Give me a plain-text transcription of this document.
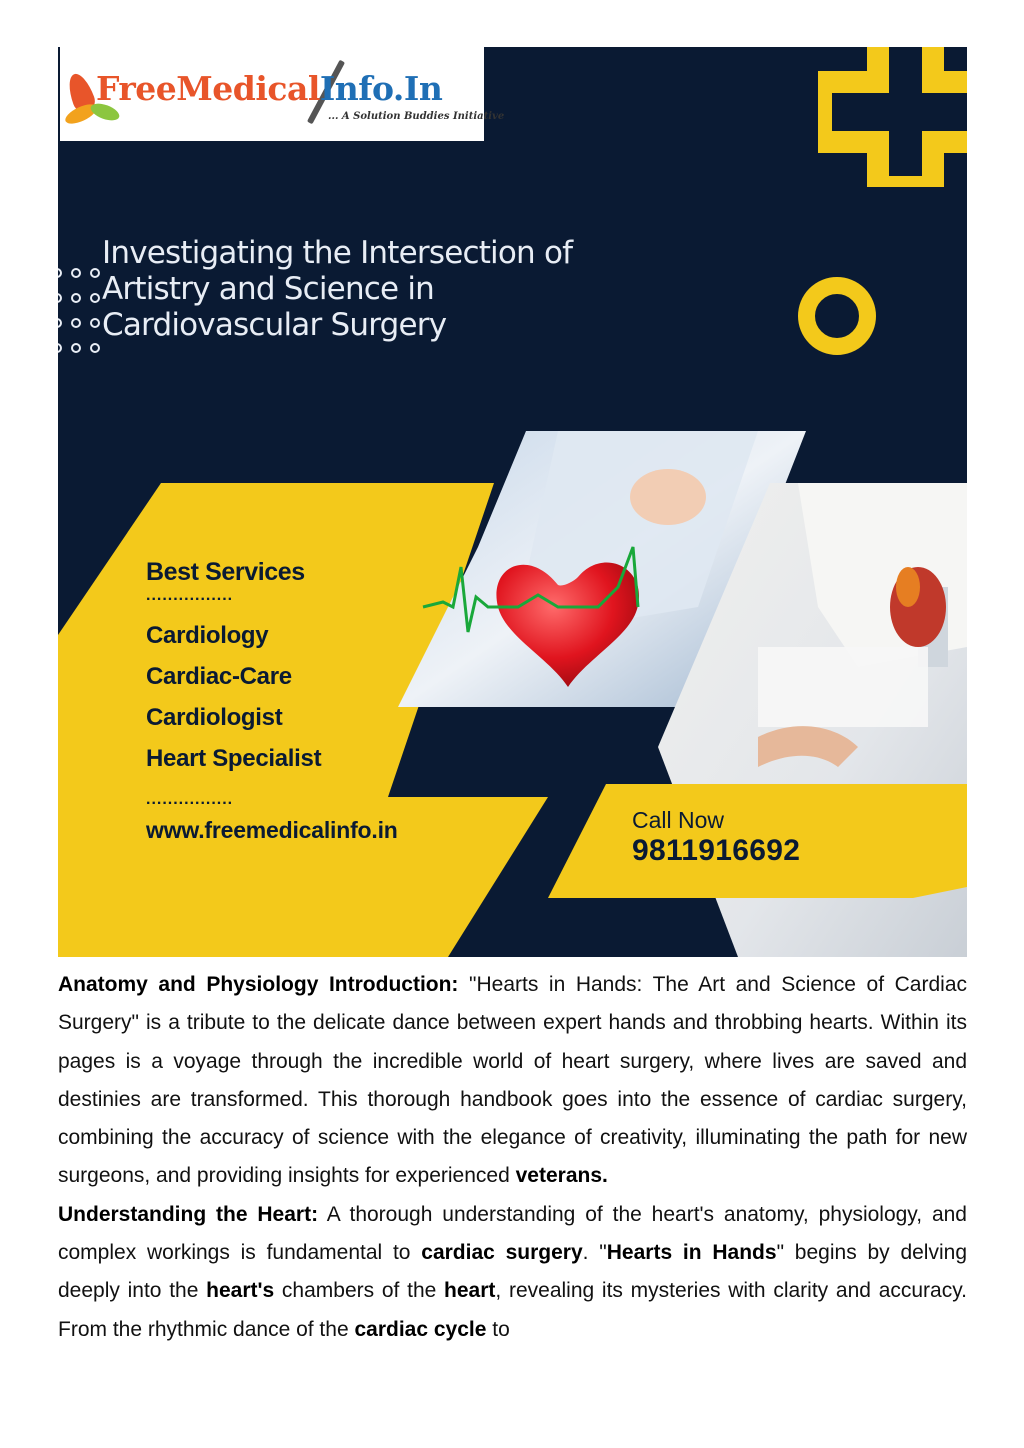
FreeMedicalInfo.In
... A Solution Buddies Initiative
Investigating the Intersection of
Artistry and Science in
Cardiovascular Surgery
Best Services
................
Cardiology
Cardiac-Care
Cardiologist
Heart Specialist
................
www.freemedicalinfo.in	Call Now
9811916692

Anatomy and Physiology Introduction: "Hearts in Hands: The Art and Science of Cardiac Surgery" is a tribute to the delicate dance between expert hands and throbbing hearts. Within its pages is a voyage through the incredible world of heart surgery, where lives are saved and destinies are transformed. This thorough handbook goes into the essence of cardiac surgery, combining the accuracy of science with the elegance of creativity, illuminating the path for new surgeons, and providing insights for experienced veterans.

Understanding the Heart: A thorough understanding of the heart's anatomy, physiology, and complex workings is fundamental to cardiac surgery. "Hearts in Hands" begins by delving deeply into the heart's chambers of the heart, revealing its mysteries with clarity and accuracy. From the rhythmic dance of the cardiac cycle to
